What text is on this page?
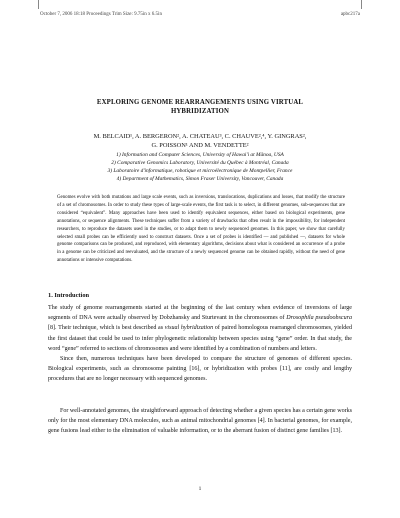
October 7, 2006 18:18 Proceedings Trim Size: 9.75in x 6.5in	apbc217a
EXPLORING GENOME REARRANGEMENTS USING VIRTUAL HYBRIDIZATION
M. BELCAID¹, A. BERGERON², A. CHATEAU³, C. CHAUVE²,⁴, Y. GINGRAS²,
G. POISSON¹ AND M. VENDETTE²
1) Information and Computer Sciences, University of Hawai'i at Mānoa, USA
2) Comparative Genomics Laboratory, Université du Québec à Montréal, Canada
3) Laboratoire d'informatique, robotique et microélectronique de Montpellier, France
4) Department of Mathematics, Simon Fraser University, Vancouver, Canada

Genomes evolve with both mutations and large scale events, such as inversions, translocations, duplications and losses, that modify the structure of a set of chromosomes. In order to study these types of large-scale events, the first task is to select, in different genomes, sub-sequences that are considered “equivalent”. Many approaches have been used to identify equivalent sequences, either based on biological experiments, gene annotations, or sequence alignments. These techniques suffer from a variety of drawbacks that often result in the impossibility, for independent researchers, to reproduce the datasets used in the studies, or to adapt them to newly sequenced genomes. In this paper, we show that carefully selected small probes can be efficiently used to construct datasets. Once a set of probes is identified — and published —, datasets for whole genome comparisons can be produced, and reproduced, with elementary algorithms, decisions about what is considered an occurrence of a probe in a genome can be criticized and reevaluated, and the structure of a newly sequenced genome can be obtained rapidly, without the need of gene annotations or intensive computations.

1. Introduction

The study of genome rearrangements started at the beginning of the last century when evidence of inversions of large segments of DNA were actually observed by Dobzhansky and Sturtevant in the chromosomes of Drosophila pseudoobscura [8]. Their technique, which is best described as visual hybridization of paired homologous rearranged chromosomes, yielded the first dataset that could be used to infer phylogenetic relationship between species using “gene” order. In that study, the word “gene” referred to sections of chromosomes and were identified by a combination of numbers and letters.

Since then, numerous techniques have been developed to compare the structure of genomes of different species. Biological experiments, such as chromosome painting [16], or hybridization with probes [11], are costly and lengthy procedures that are no longer necessary with sequenced genomes.

For well-annotated genomes, the straightforward approach of detecting whether a given species has a certain gene works only for the most elementary DNA molecules, such as animal mitochondrial genomes [4]. In bacterial genomes, for example, gene fusions lead either to the elimination of valuable information, or to the aberrant fusion of distinct gene families [13].

1
